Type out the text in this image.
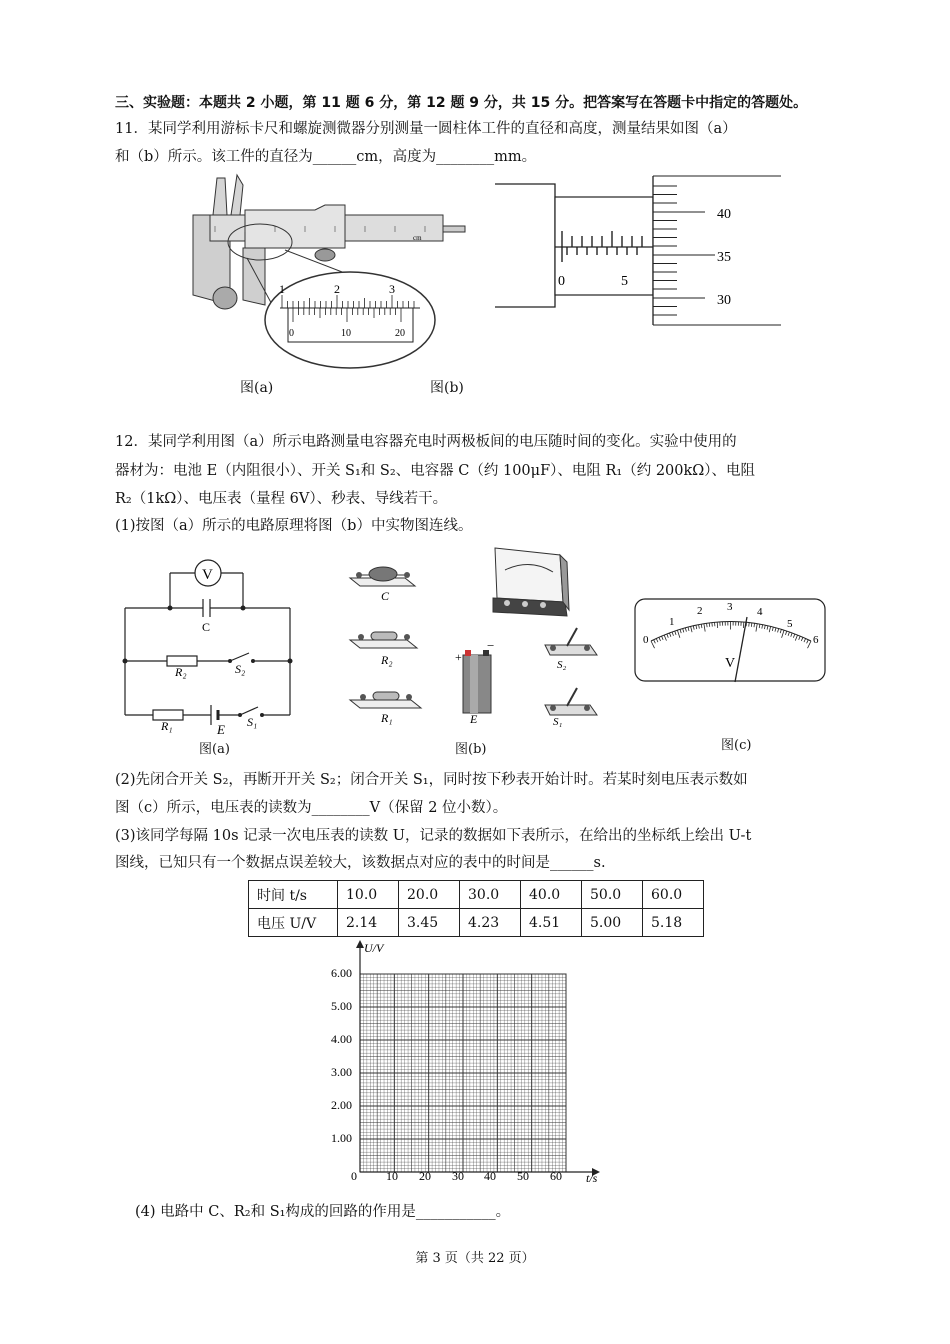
三、实验题：本题共 2 小题，第 11 题 6 分，第 12 题 9 分，共 15 分。把答案写在答题卡中指定的答题处。
11．某同学利用游标卡尺和螺旋测微器分别测量一圆柱体工件的直径和高度，测量结果如图（a）
和（b）所示。该工件的直径为______cm，高度为________mm。
cm
1	2	3
0	10	20
0	5
40
35
30
图(a)	图(b)
12．某同学利用图（a）所示电路测量电容器充电时两极板间的电压随时间的变化。实验中使用的
器材为：电池 E（内阻很小）、开关 S₁和 S₂、电容器 C（约 100μF）、电阻 R₁（约 200kΩ）、电阻
R₂（1kΩ）、电压表（量程 6V）、秒表、导线若干。
(1)按图（a）所示的电路原理将图（b）中实物图连线。
V
C
R₂	S₂
R₁	E S₁
图(a)
C
R₂
R₁
+
−
E
S₂
S₁
图(b)
0
1
2 3 4
5
6
V
图(c)
(2)先闭合开关 S₂，再断开开关 S₂；闭合开关 S₁，同时按下秒表开始计时。若某时刻电压表示数如
图（c）所示，电压表的读数为________V（保留 2 位小数）。
(3)该同学每隔 10s 记录一次电压表的读数 U，记录的数据如下表所示，在给出的坐标纸上绘出 U-t
图线，已知只有一个数据点误差较大，该数据点对应的表中的时间是______s.
时间 t/s	10.0	20.0	30.0	40.0	50.0	60.0
电压 U/V	2.14	3.45	4.23	4.51	5.00	5.18
U/V
t/s
6.00
5.00
4.00
3.00
2.00
1.00
0 10 20 30 40 50 60
(4) 电路中 C、R₂和 S₁构成的回路的作用是___________。
第 3 页（共 22 页）
